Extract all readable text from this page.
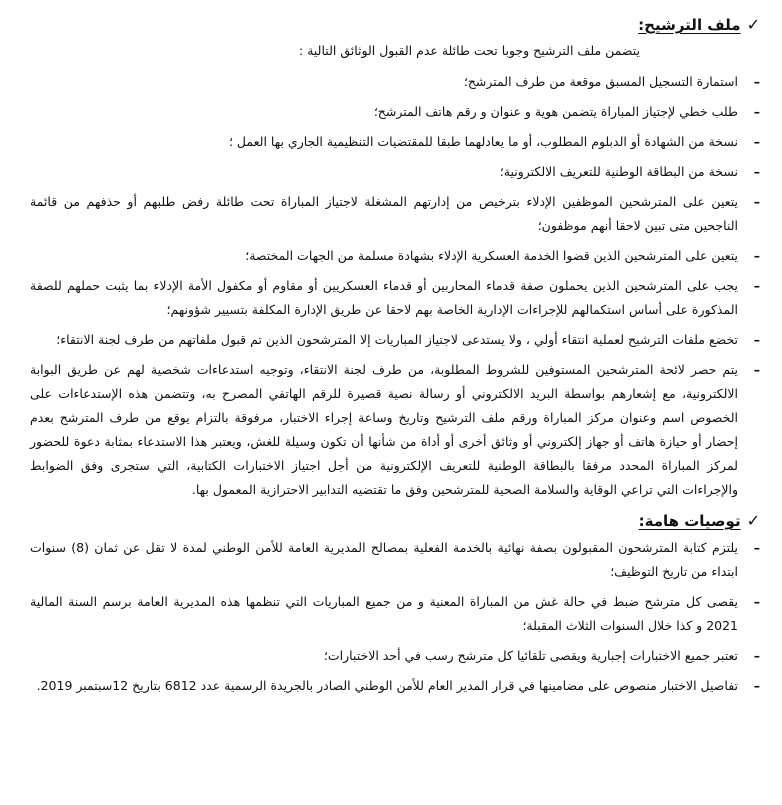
✓
ملف الترشيح:
يتضمن ملف الترشيح وجوبا تحت طائلة عدم القبول الوثائق التالية :
–
استمارة التسجيل المسبق موقعة من طرف المترشح؛
–
طلب خطي لإجتياز المباراة يتضمن هوية و عنوان و رقم هاتف المترشح؛
–
نسخة من الشهادة أو الدبلوم المطلوب، أو ما يعادلهما طبقا للمقتضيات التنظيمية الجاري بها العمل ؛
–
نسخة من البطاقة الوطنية للتعريف الالكترونية؛
–
يتعين على المترشحين الموظفين الإدلاء بترخيص من إدارتهم المشغلة لاجتياز المباراة تحت طائلة رفض طلبهم أو حذفهم من قائمة الناجحين متى تبين لاحقا أنهم موظفون؛
–
يتعين على المترشحين الذين قضوا الخدمة العسكرية الإدلاء بشهادة مسلمة من الجهات المختصة؛
–
يجب على المترشحين الذين يحملون صفة قدماء المحاربين أو قدماء العسكريين أو مقاوم أو مكفول الأمة الإدلاء بما يثبت حملهم للصفة المذكورة على أساس استكمالهم للإجراءات الإدارية الخاصة بهم لاحقا عن طريق الإدارة المكلفة بتسيير شؤونهم؛
–
تخضع ملفات الترشيح لعملية انتقاء أولي ، ولا يستدعى لاجتياز المباريات إلا المترشحون الذين تم قبول ملفاتهم من طرف لجنة الانتقاء؛
–
يتم حصر لائحة المترشحين المستوفين للشروط المطلوبة، من طرف لجنة الانتقاء، وتوجيه استدعاءات شخصية لهم عن طريق البوابة الالكترونية، مع إشعارهم بواسطة البريد الالكتروني أو رسالة نصية قصيرة للرقم الهاتفي المصرح به، وتتضمن هذه الإستدعاءات على الخصوص اسم وعنوان مركز المباراة ورقم ملف الترشيح وتاريخ وساعة إجراء الاختبار، مرفوقة بالتزام يوقع من طرف المترشح بعدم إحضار أو حيازة هاتف أو جهاز إلكتروني أو وثائق أخرى أو أداة من شأنها أن تكون وسيلة للغش، ويعتبر هذا الاستدعاء بمثابة دعوة للحضور لمركز المباراة المحدد مرفقا بالبطاقة الوطنية للتعريف الإلكترونية من أجل اجتياز الاختبارات الكتابية، التي ستجرى وفق الضوابط والإجراءات التي تراعي الوقاية والسلامة الصحية للمترشحين وفق ما تقتضيه التدابير الاحترازية المعمول بها.
✓
توصيات هامة:
–
يلتزم كتابة المترشحون المقبولون بصفة نهائية بالخدمة الفعلية بمصالح المديرية العامة للأمن الوطني لمدة لا تقل عن ثمان (8) سنوات ابتداء من تاريخ التوظيف؛
–
يقصى كل مترشح ضبط في حالة غش من المباراة المعنية و من جميع المباريات التي تنظمها هذه المديرية العامة برسم السنة المالية 2021 و كذا خلال السنوات الثلاث المقبلة؛
–
تعتبر جميع الاختبارات إجبارية ويقصى تلقائيا كل مترشح رسب في أحد الاختبارات؛
–
تفاصيل الاختبار منصوص على مضامينها في قرار المدير العام للأمن الوطني الصادر بالجريدة الرسمية عدد 6812 بتاريخ 12سبتمبر 2019.
